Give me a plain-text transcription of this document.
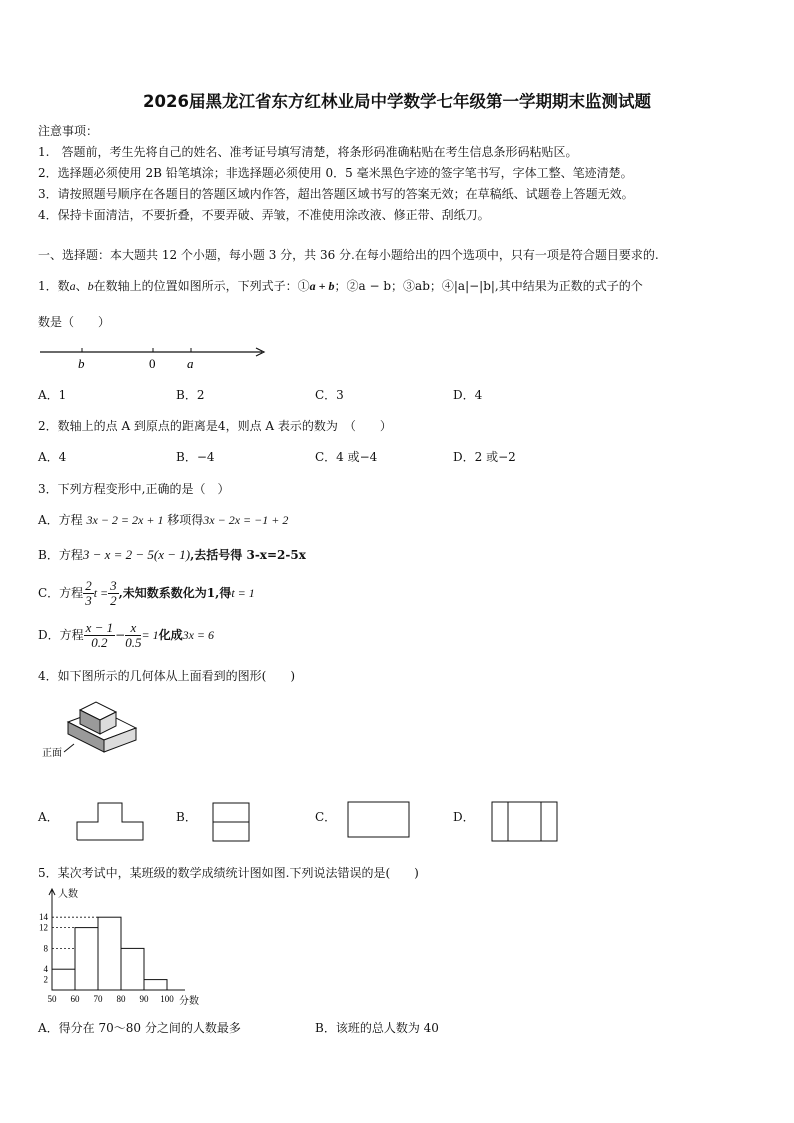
2026届黑龙江省东方红林业局中学数学七年级第一学期期末监测试题
注意事项：
1.　答题前，考生先将自己的姓名、准考证号填写清楚，将条形码准确粘贴在考生信息条形码粘贴区。
2．选择题必须使用 2B 铅笔填涂；非选择题必须使用 0．5 毫米黑色字迹的签字笔书写，字体工整、笔迹清楚。
3．请按照题号顺序在各题目的答题区域内作答，超出答题区域书写的答案无效；在草稿纸、试题卷上答题无效。
4．保持卡面清洁，不要折叠，不要弄破、弄皱，不准使用涂改液、修正带、刮纸刀。
一、选择题：本大题共 12 个小题，每小题 3 分，共 36 分.在每小题给出的四个选项中，只有一项是符合题目要求的.
1．数a、b在数轴上的位置如图所示，下列式子：①a + b；②a − b；③ab；④|a|−|b|,其中结果为正数的式子的个
数是（　　）
b	0 a
A．1	B．2	C．3	D．4
2．数轴上的点 A 到原点的距离是4，则点 A 表示的数为　（　　）
A．4	B．−4	C．4 或−4	D．2 或−2
3．下列方程变形中,正确的是（　）
A．方程 3x − 2 = 2x + 1 移项得3x − 2x = −1 + 2
B．方程3 − x = 2 − 5(x − 1),去括号得 3-x=2-5x
C．方程 $\frac{2}{3}$ $t = \frac{3}{2}$ ,未知数系数化为1,得t = 1
D．方程 $\frac{x - 1}{0.2} - \frac{x}{0.5} = 1$化成3x = 6
4．如下图所示的几何体从上面看到的图形(　　)
正面
A．	B．	C．	D．
5．某次考试中，某班级的数学成绩统计图如图.下列说法错误的是(　　)
2
4
8
12
14
50 60 70 80 90 100
人数
分数
A．得分在 70～80 分之间的人数最多	B．该班的总人数为 40
